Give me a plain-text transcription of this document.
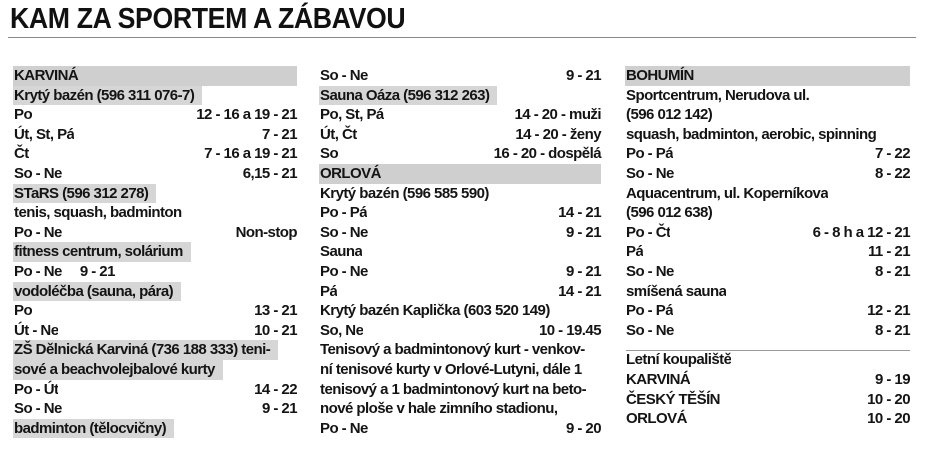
KAM ZA SPORTEM A ZÁBAVOU
KARVINÁ
Krytý bazén (596 311 076-7)
Po	12 - 16 a 19 - 21
Út, St, Pá	7 - 21
Čt	7 - 16 a 19 - 21
So - Ne	6,15 - 21
STaRS (596 312 278)
tenis, squash, badminton
Po - Ne	Non-stop
fitness centrum, solárium
Po - Ne 9 - 21
vodoléčba (sauna, pára)
Po	13 - 21
Út - Ne	10 - 21
ZŠ Dělnická Karviná (736 188 333) teni-
sové a beachvolejbalové kurty
Po - Út	14 - 22
So - Ne	9 - 21
badminton (tělocvičny)
So - Ne	9 - 21
Sauna Oáza (596 312 263)
Po, St, Pá	14 - 20 - muži
Út, Čt	14 - 20 - ženy
So	16 - 20 - dospělá
ORLOVÁ
Krytý bazén (596 585 590)
Po - Pá	14 - 21
So - Ne	9 - 21
Sauna
Po - Ne	9 - 21
Pá	14 - 21
Krytý bazén Kaplička (603 520 149)
So, Ne	10 - 19.45
Tenisový a badmintonový kurt - venkov-
ní tenisové kurty v Orlové-Lutyni, dále 1
tenisový a 1 badmintonový kurt na beto-
nové ploše v hale zimního stadionu,
Po - Ne	9 - 20
BOHUMÍN
Sportcentrum, Nerudova ul.
(596 012 142)
squash, badminton, aerobic, spinning
Po - Pá	7 - 22
So - Ne	8 - 22
Aquacentrum, ul. Koperníkova
(596 012 638)
Po - Čt	6 - 8 h a 12 - 21
Pá	11 - 21
So - Ne	8 - 21
smíšená sauna
Po - Pá	12 - 21
So - Ne	8 - 21
Letní koupaliště
KARVINÁ	9 - 19
ČESKÝ TĚŠÍN	10 - 20
ORLOVÁ	10 - 20
